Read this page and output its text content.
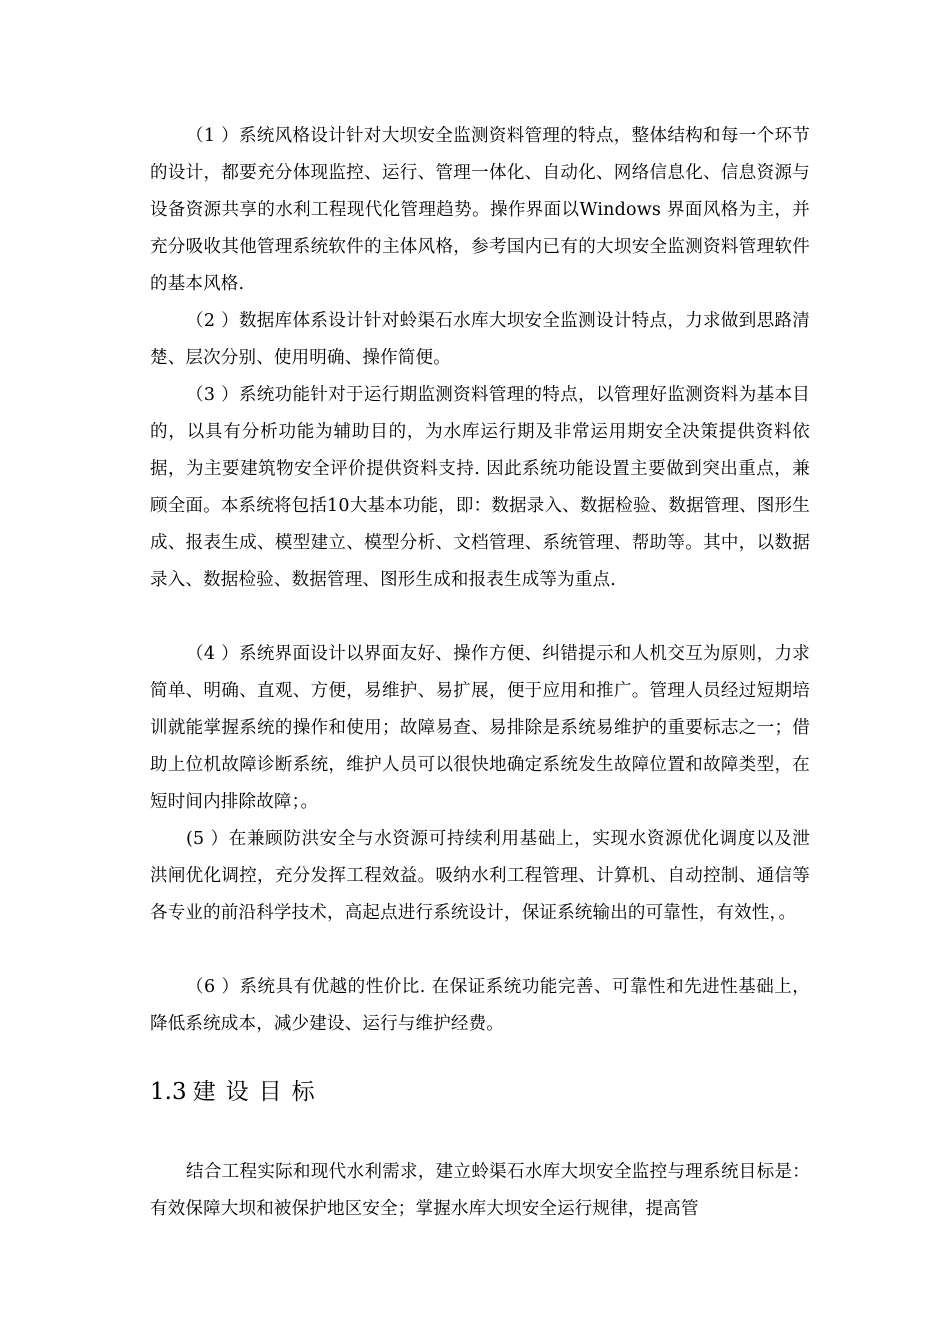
（1 ）系统风格设计针对大坝安全监测资料管理的特点，整体结构和每一个环节的设计，都要充分体现监控、运行、管理一体化、自动化、网络信息化、信息资源与设备资源共享的水利工程现代化管理趋势。操作界面以Windows 界面风格为主，并充分吸收其他管理系统软件的主体风格，参考国内已有的大坝安全监测资料管理软件的基本风格.

（2 ）数据库体系设计针对蛉渠石水库大坝安全监测设计特点，力求做到思路清楚、层次分别、使用明确、操作简便。

（3 ）系统功能针对于运行期监测资料管理的特点，以管理好监测资料为基本目的，以具有分析功能为辅助目的，为水库运行期及非常运用期安全决策提供资料依据，为主要建筑物安全评价提供资料支持. 因此系统功能设置主要做到突出重点，兼顾全面。本系统将包括10大基本功能，即：数据录入、数据检验、数据管理、图形生成、报表生成、模型建立、模型分析、文档管理、系统管理、帮助等。其中，以数据录入、数据检验、数据管理、图形生成和报表生成等为重点.

（4 ）系统界面设计以界面友好、操作方便、纠错提示和人机交互为原则，力求简单、明确、直观、方便，易维护、易扩展，便于应用和推广。管理人员经过短期培训就能掌握系统的操作和使用；故障易查、易排除是系统易维护的重要标志之一；借助上位机故障诊断系统，维护人员可以很快地确定系统发生故障位置和故障类型，在短时间内排除故障；。

(5 ）在兼顾防洪安全与水资源可持续利用基础上，实现水资源优化调度以及泄洪闸优化调控，充分发挥工程效益。吸纳水利工程管理、计算机、自动控制、通信等各专业的前沿科学技术，高起点进行系统设计，保证系统输出的可靠性，有效性，。

（6 ）系统具有优越的性价比. 在保证系统功能完善、可靠性和先进性基础上，降低系统成本，减少建设、运行与维护经费。

1.3 建设目标

结合工程实际和现代水利需求，建立蛉渠石水库大坝安全监控与理系统目标是：有效保障大坝和被保护地区安全；掌握水库大坝安全运行规律，提高管
